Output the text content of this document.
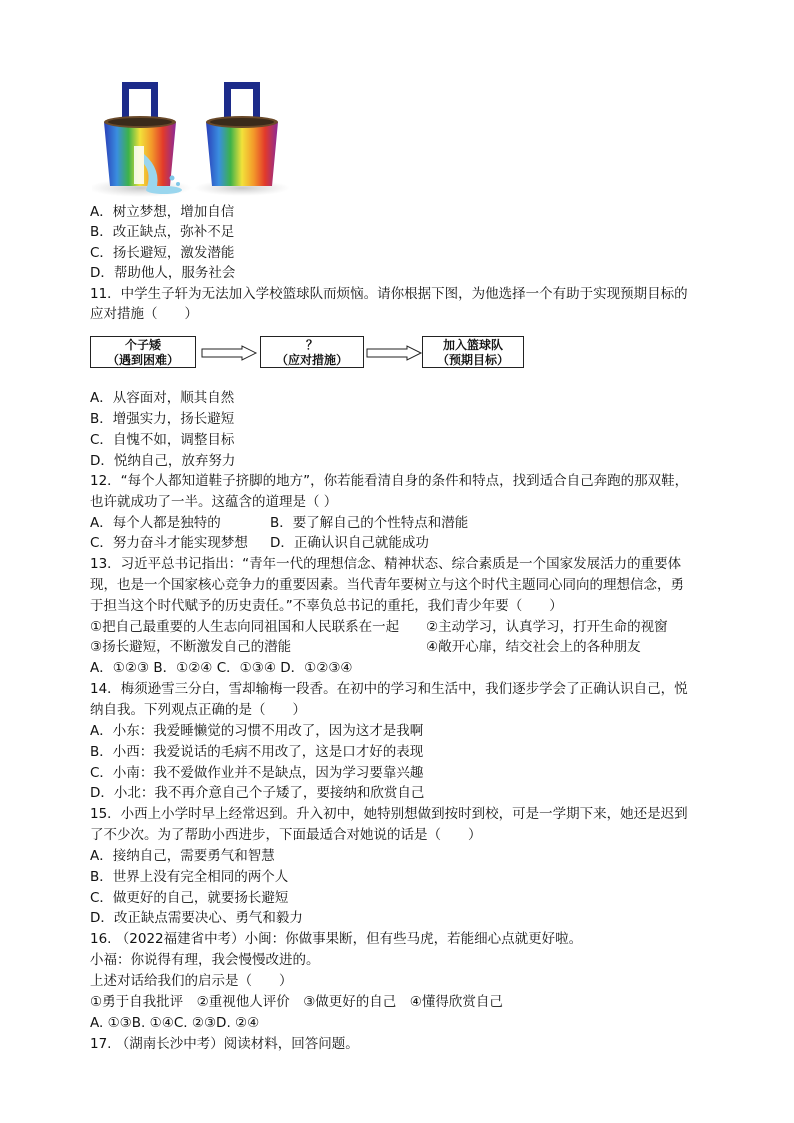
A．树立梦想，增加自信
B．改正缺点，弥补不足
C．扬长避短，激发潜能
D．帮助他人，服务社会
11．中学生子轩为无法加入学校篮球队而烦恼。请你根据下图，为他选择一个有助于实现预期目标的
应对措施（　　）
个子矮
（遇到困难）
？
（应对措施）
加入篮球队
（预期目标）
A．从容面对，顺其自然
B．增强实力，扬长避短
C．自愧不如，调整目标
D．悦纳自己，放弃努力
12．“每个人都知道鞋子挤脚的地方”，你若能看清自身的条件和特点，找到适合自己奔跑的那双鞋，
也许就成功了一半。这蕴含的道理是（ ）
A．每个人都是独特的	B．要了解自己的个性特点和潜能
C．努力奋斗才能实现梦想 D．正确认识自己就能成功
13．习近平总书记指出：“青年一代的理想信念、精神状态、综合素质是一个国家发展活力的重要体
现，也是一个国家核心竞争力的重要因素。当代青年要树立与这个时代主题同心同向的理想信念，勇
于担当这个时代赋予的历史责任。”不辜负总书记的重托，我们青少年要（　　）
①把自己最重要的人生志向同祖国和人民联系在一起 ②主动学习，认真学习，打开生命的视窗
③扬长避短，不断激发自己的潜能	④敞开心扉，结交社会上的各种朋友
A．①②③ B．①②④ C．①③④ D．①②③④
14．梅须逊雪三分白，雪却输梅一段香。在初中的学习和生活中，我们逐步学会了正确认识自己，悦
纳自我。下列观点正确的是（　　）
A．小东：我爱睡懒觉的习惯不用改了，因为这才是我啊
B．小西：我爱说话的毛病不用改了，这是口才好的表现
C．小南：我不爱做作业并不是缺点，因为学习要靠兴趣
D．小北：我不再介意自己个子矮了，要接纳和欣赏自己
15．小西上小学时早上经常迟到。升入初中，她特别想做到按时到校，可是一学期下来，她还是迟到
了不少次。为了帮助小西进步，下面最适合对她说的话是（　　）
A．接纳自己，需要勇气和智慧
B．世界上没有完全相同的两个人
C．做更好的自己，就要扬长避短
D．改正缺点需要决心、勇气和毅力
16. （2022福建省中考）小闽：你做事果断，但有些马虎，若能细心点就更好啦。
小福：你说得有理，我会慢慢改进的。
上述对话给我们的启示是（　　）
①勇于自我批评　②重视他人评价　③做更好的自己　④懂得欣赏自己
A. ①③B. ①④C. ②③D. ②④
17. （湖南长沙中考）阅读材料，回答问题。
